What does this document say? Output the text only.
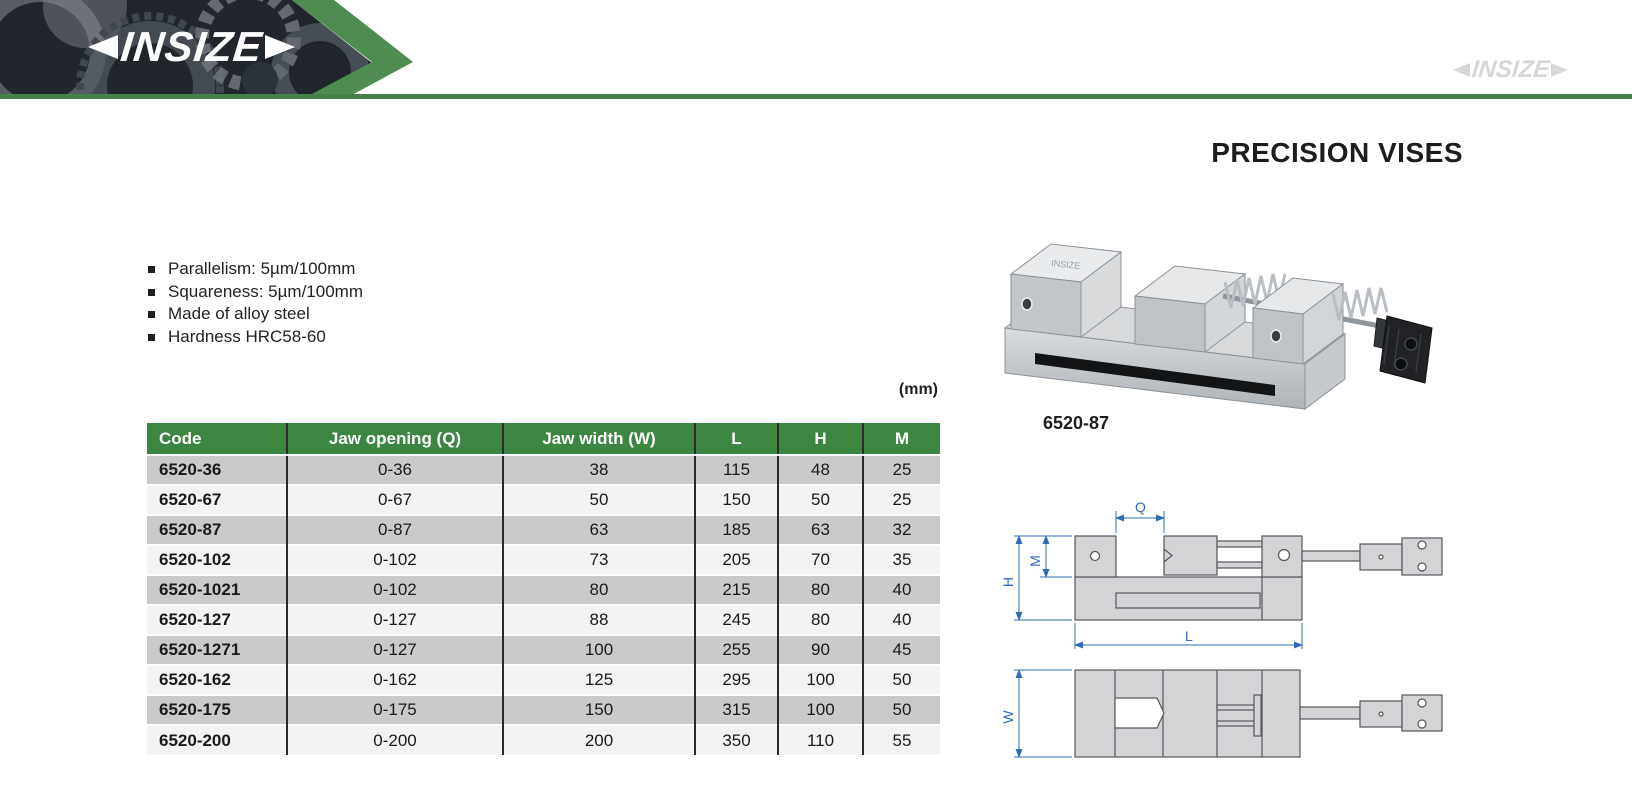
INSIZE	INSIZE
PRECISION VISES
Parallelism: 5µm/100mm
Squareness: 5µm/100mm
Made of alloy steel
Hardness HRC58-60
(mm)
Code	Jaw opening (Q)	Jaw width (W)	L	H	M
6520-36	0-36	38	115	48	25
6520-67	0-67	50	150	50	25
6520-87	0-87	63	185	63	32
6520-102	0-102	73	205	70	35
6520-1021	0-102	80	215	80	40
6520-127	0-127	88	245	80	40
6520-1271	0-127	100	255	90	45
6520-162	0-162	125	295	100	50
6520-175	0-175	150	315	100	50
6520-200	0-200	200	350	110	55
INSIZE
6520-87
Q
M
H
L
W
